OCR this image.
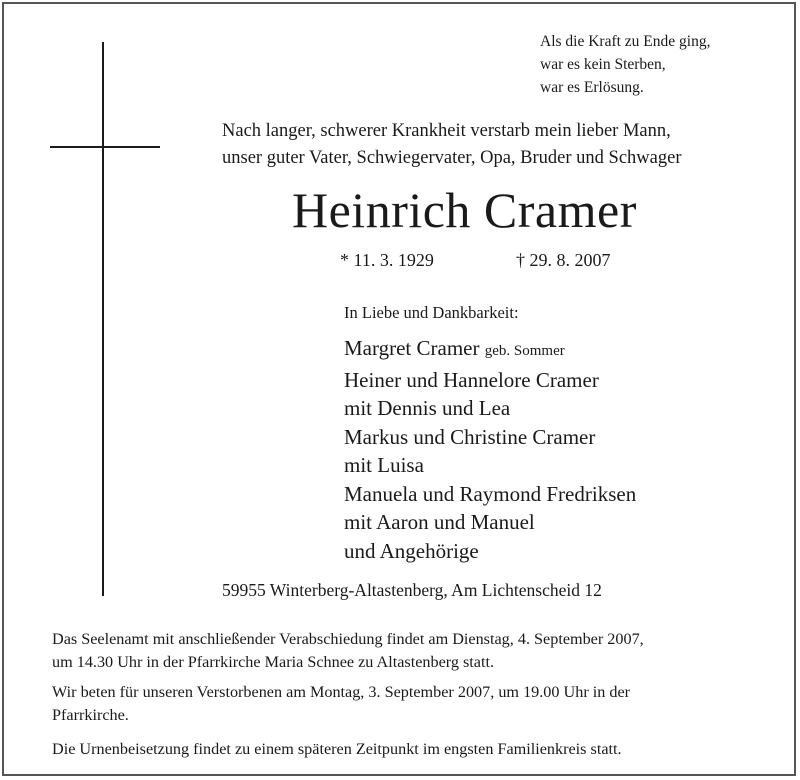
Als die Kraft zu Ende ging,
war es kein Sterben,
war es Erlösung.
Nach langer, schwerer Krankheit verstarb mein lieber Mann,
unser guter Vater, Schwiegervater, Opa, Bruder und Schwager
Heinrich Cramer
* 11. 3. 1929	† 29. 8. 2007
In Liebe und Dankbarkeit:
Margret Cramer geb. Sommer
Heiner und Hannelore Cramer
mit Dennis und Lea
Markus und Christine Cramer
mit Luisa
Manuela und Raymond Fredriksen
mit Aaron und Manuel
und Angehörige
59955 Winterberg-Altastenberg, Am Lichtenscheid 12
Das Seelenamt mit anschließender Verabschiedung findet am Dienstag, 4. September 2007,
um 14.30 Uhr in der Pfarrkirche Maria Schnee zu Altastenberg statt.
Wir beten für unseren Verstorbenen am Montag, 3. September 2007, um 19.00 Uhr in der
Pfarrkirche.
Die Urnenbeisetzung findet zu einem späteren Zeitpunkt im engsten Familienkreis statt.
